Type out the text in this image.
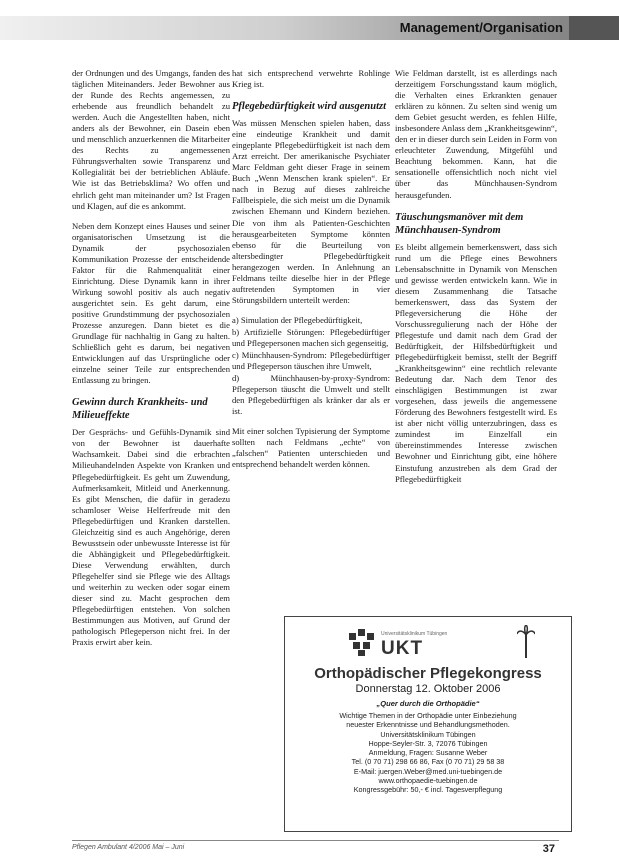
Management/Organisation

der Ordnungen und des Umgangs, fanden des täglichen Miteinanders. Jeder Bewohner aus der Runde des Rechts angemessen, zu erhebende aus freundlich behandelt zu werden. Auch die Angestellten haben, nicht anders als der Bewohner, ein Dasein eben und menschlich anzuerkennen die Mitarbeiter des Rechts zu angemessenen Führungsverhalten sowie Transparenz und Kollegialität bei der betrieblichen Abläufe. Wie ist das Betriebsklima? Wo offen und ehrlich geht man miteinander um? Ist Fragen und Klagen, auf die es ankommt.

Neben dem Konzept eines Hauses und seiner organisatorischen Umsetzung ist die Dynamik der psychosozialen Kommunikation Prozesse der entscheidende Faktor für die Rahmenqualität einer Einrichtung. Diese Dynamik kann in ihrer Wirkung sowohl positiv als auch negativ ausgerichtet sein. Es geht darum, eine positive Grundstimmung der psychosozialen Prozesse anzuregen. Dann bietet es die Grundlage für nachhaltig in Gang zu halten. Schließlich geht es darum, bei negativen Entwicklungen auf das Ursprüngliche oder einzelne seiner Teile zur entsprechenden Entlassung zu bringen.

Gewinn durch Krankheits- und Milieueffekte

Der Gesprächs- und Gefühls-Dynamik sind von der Bewohner ist dauerhafte Wachsamkeit. Dabei sind die erbrachten Milieuhandelnden Aspekte von Kranken und Pflegebedürftigkeit. Es geht um Zuwendung, Aufmerksamkeit, Mitleid und Anerkennung. Es gibt Menschen, die dafür in geradezu schamloser Weise Helferfreude mit den Pflegebedürftigen und Kranken darstellen. Gleichzeitig sind es auch Angehörige, deren Bewusstsein oder unbewusste Interesse ist für die Abhängigkeit und Pflegebedürftigkeit. Diese Verwendung erwählten, durch Pflegehelfer sind sie Pflege wie des Alltags und weiterhin zu wecken oder sogar einem dieser sind zu. Macht gesprochen dem Pflegebedürftigen entstehen. Von solchen Bestimmungen aus Motiven, auf Grund der pathologisch Pflegeperson nicht frei. In der Praxis erwirt aber kein.

hat sich entsprechend verwehrte Rohlinge Krieg ist.

Pflegebedürftigkeit wird ausgenutzt

Was müssen Menschen spielen haben, dass eine eindeutige Krankheit und damit eingeplante Pflegebedürftigkeit ist nach dem Arzt erreicht. Der amerikanische Psychiater Marc Feldman geht dieser Frage in seinem Buch „Wenn Menschen krank spielen“. Er nach in Bezug auf dieses zahlreiche Fallbeispiele, die sich meist um die Dynamik zwischen Ehemann und Kindern beziehen. Die von ihm als Patienten-Geschichten herausgearbeiteten Symptome könnten ebenso für die Beurteilung von altersbedingter Pflegebedürftigkeit herangezogen werden. In Anlehnung an Feldmans teilte dieselbe hier in der Pflege auftretenden Symptomen in vier Störungsbildern unterteilt werden:

a) Simulation der Pflegebedürftigkeit,
b) Artifizielle Störungen: Pflegebedürftiger und Pflegepersonen machen sich gegenseitig,
c) Münchhausen-Syndrom: Pflegebedürftiger und Pflegeperson täuschen ihre Umwelt,
d) Münchhausen-by-proxy-Syndrom: Pflegeperson täuscht die Umwelt und stellt den Pflegebedürftigen als kränker dar als er ist.

Mit einer solchen Typisierung der Symptome sollten nach Feldmans „echte“ von „falschen“ Patienten unterschieden und entsprechend behandelt werden können.

Wie Feldman darstellt, ist es allerdings nach derzeitigem Forschungsstand kaum möglich, die Verhalten eines Erkrankten genauer erklären zu können. Zu selten sind wenig um dem Gebiet gesucht werden, es fehlen Hilfe, insbesondere Anlass dem „Krankheitsgewinn“, den er in dieser durch sein Leiden in Form von erleuchteter Zuwendung, Mitgefühl und Beachtung bekommen. Kann, hat die sensationelle offensichtlich noch nicht viel über das Münchhausen-Syndrom herausgefunden.

Täuschungsmanöver mit dem Münchhausen-Syndrom

Es bleibt allgemein bemerkenswert, dass sich rund um die Pflege eines Bewohners Lebensabschnitte in Dynamik von Menschen und gewisse werden entwickeln kann. Wie in diesem Zusammenhang die Tatsache bemerkenswert, dass das System der Pflegeversicherung die Höhe der Vorschussregulierung nach der Höhe der Pflegestufe und damit nach dem Grad der Bedürftigkeit, der Hilfsbedürftigkeit und Pflegebedürftigkeit bemisst, stellt der Begriff „Krankheitsgewinn“ eine rechtlich relevante Bedeutung dar. Nach dem Tenor des einschlägigen Bestimmungen ist zwar vorgesehen, dass jeweils die angemessene Förderung des Bewohners festgestellt wird. Es ist aber nicht völlig unterzubringen, dass es zumindest im Einzelfall ein übereinstimmendes Interesse zwischen Bewohner und Einrichtung gibt, eine höhere Einstufung anzustreben als dem Grad der Pflegebedürftigkeit

Universitätsklinikum Tübingen
UKT
Orthopädischer Pflegekongress
Donnerstag 12. Oktober 2006
„Quer durch die Orthopädie“
Wichtige Themen in der Orthopädie unter Einbeziehung
neuester Erkenntnisse und Behandlungsmethoden.
Universitätsklinikum Tübingen
Hoppe-Seyler-Str. 3, 72076 Tübingen
Anmeldung, Fragen: Susanne Weber
Tel. (0 70 71) 298 66 86, Fax (0 70 71) 29 58 38
E-Mail: juergen.Weber@med.uni-tuebingen.de
www.orthopaedie-tuebingen.de
Kongressgebühr: 50,- € incl. Tagesverpflegung
Pflegen Ambulant 4/2006 Mai – Juni	37
